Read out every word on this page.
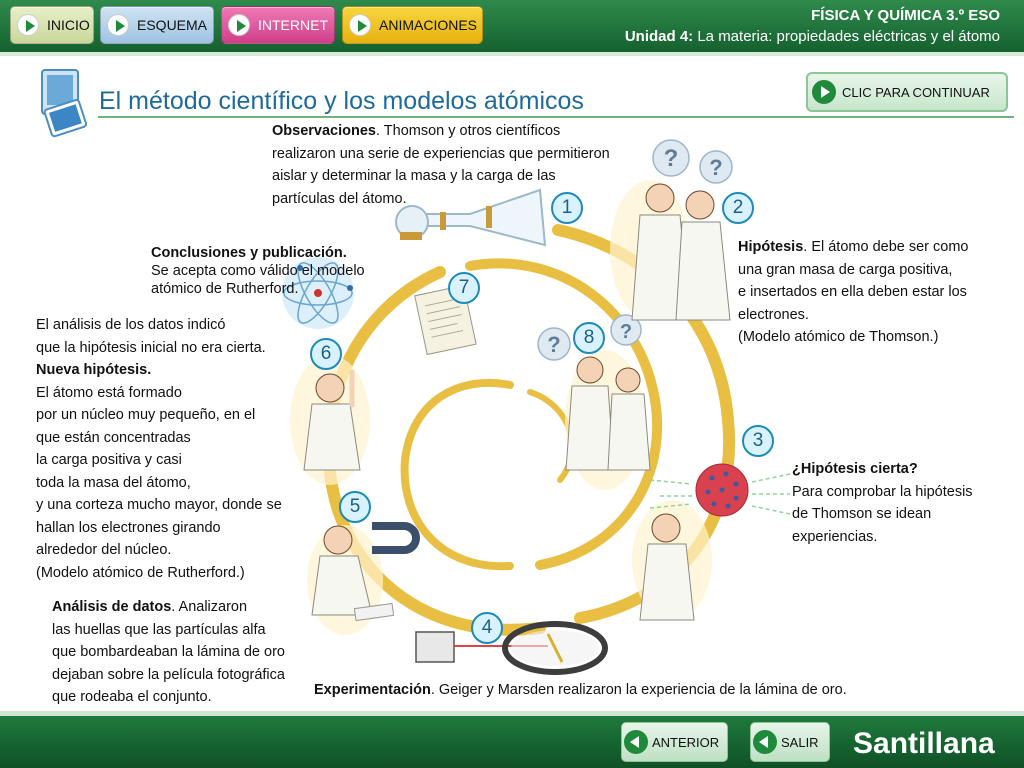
INICIO	ESQUEMA	INTERNET	ANIMACIONES
FÍSICA Y QUÍMICA 3.º ESO
Unidad 4: La materia: propiedades eléctricas y el átomo
El método científico y los modelos atómicos	CLIC PARA CONTINUAR
? ?
?	?
Observaciones. Thomson y otros científicos realizaron una serie de experiencias que permitieron aislar y determinar la masa y la carga de las partículas del átomo.
Hipótesis. El átomo debe ser como
una gran masa de carga positiva,
e insertados en ella deben estar los
electrones.
(Modelo atómico de Thomson.)
Conclusiones y publicación.
Se acepta como válido el modelo
atómico de Rutherford.
El análisis de los datos indicó
que la hipótesis inicial no era cierta.
Nueva hipótesis.
El átomo está formado
por un núcleo muy pequeño, en el
que están concentradas
la carga positiva y casi
toda la masa del átomo,
y una corteza mucho mayor, donde se
hallan los electrones girando
alrededor del núcleo.
(Modelo atómico de Rutherford.)
¿Hipótesis cierta?
Para comprobar la hipótesis
de Thomson se idean
experiencias.
Análisis de datos. Analizaron
las huellas que las partículas alfa
que bombardeaban la lámina de oro
dejaban sobre la película fotográfica
que rodeaba el conjunto.	Experimentación. Geiger y Marsden realizaron la experiencia de la lámina de oro.
1	2
3
4
5
6
7
8
ANTERIOR	SALIR Santillana
